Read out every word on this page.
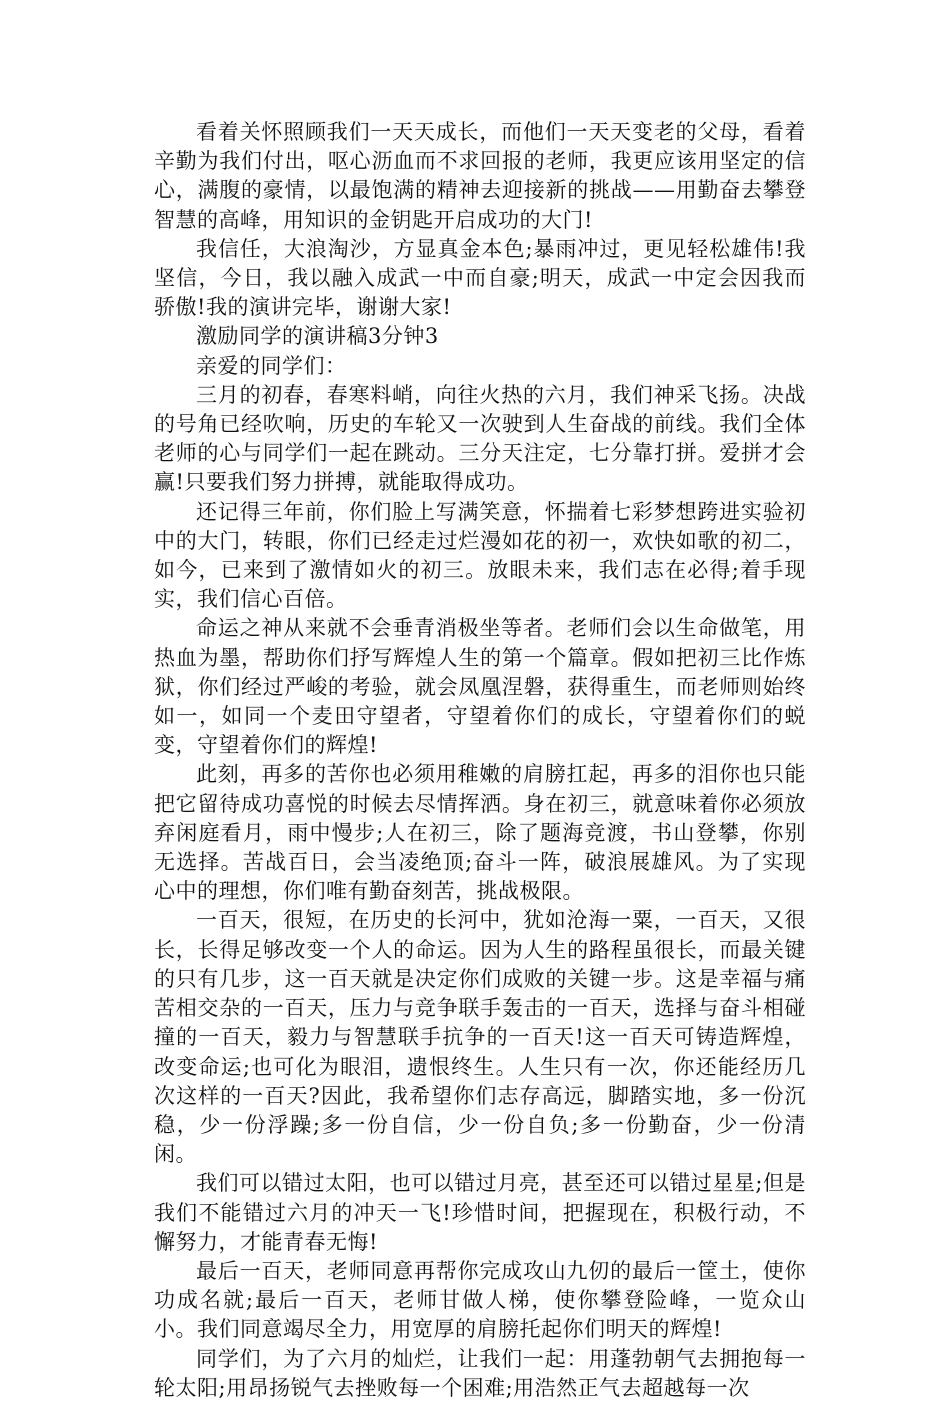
看着关怀照顾我们一天天成长，而他们一天天变老的父母，看着辛勤为我们付出，呕心沥血而不求回报的老师，我更应该用坚定的信心，满腹的豪情，以最饱满的精神去迎接新的挑战——用勤奋去攀登智慧的高峰，用知识的金钥匙开启成功的大门!

我信任，大浪淘沙，方显真金本色;暴雨冲过，更见轻松雄伟!我坚信，今日，我以融入成武一中而自豪;明天，成武一中定会因我而骄傲!我的演讲完毕，谢谢大家!

激励同学的演讲稿3分钟3

亲爱的同学们：

三月的初春，春寒料峭，向往火热的六月，我们神采飞扬。决战的号角已经吹响，历史的车轮又一次驶到人生奋战的前线。我们全体老师的心与同学们一起在跳动。三分天注定，七分靠打拼。爱拼才会赢!只要我们努力拼搏，就能取得成功。

还记得三年前，你们脸上写满笑意，怀揣着七彩梦想跨进实验初中的大门，转眼，你们已经走过烂漫如花的初一，欢快如歌的初二，如今，已来到了激情如火的初三。放眼未来，我们志在必得;着手现实，我们信心百倍。

命运之神从来就不会垂青消极坐等者。老师们会以生命做笔，用热血为墨，帮助你们抒写辉煌人生的第一个篇章。假如把初三比作炼狱，你们经过严峻的考验，就会凤凰涅磐，获得重生，而老师则始终如一，如同一个麦田守望者，守望着你们的成长，守望着你们的蜕变，守望着你们的辉煌!

此刻，再多的苦你也必须用稚嫩的肩膀扛起，再多的泪你也只能把它留待成功喜悦的时候去尽情挥洒。身在初三，就意味着你必须放弃闲庭看月，雨中慢步;人在初三，除了题海竞渡，书山登攀，你别无选择。苦战百日，会当凌绝顶;奋斗一阵，破浪展雄风。为了实现心中的理想，你们唯有勤奋刻苦，挑战极限。

一百天，很短，在历史的长河中，犹如沧海一粟，一百天，又很长，长得足够改变一个人的命运。因为人生的路程虽很长，而最关键的只有几步，这一百天就是决定你们成败的关键一步。这是幸福与痛苦相交杂的一百天，压力与竞争联手轰击的一百天，选择与奋斗相碰撞的一百天，毅力与智慧联手抗争的一百天!这一百天可铸造辉煌，改变命运;也可化为眼泪，遗恨终生。人生只有一次，你还能经历几次这样的一百天?因此，我希望你们志存高远，脚踏实地，多一份沉稳，少一份浮躁;多一份自信，少一份自负;多一份勤奋，少一份清闲。

我们可以错过太阳，也可以错过月亮，甚至还可以错过星星;但是我们不能错过六月的冲天一飞!珍惜时间，把握现在，积极行动，不懈努力，才能青春无悔!

最后一百天，老师同意再帮你完成攻山九仞的最后一筐土，使你功成名就;最后一百天，老师甘做人梯，使你攀登险峰，一览众山小。我们同意竭尽全力，用宽厚的肩膀托起你们明天的辉煌!

同学们，为了六月的灿烂，让我们一起：用蓬勃朝气去拥抱每一轮太阳;用昂扬锐气去挫败每一个困难;用浩然正气去超越每一次
